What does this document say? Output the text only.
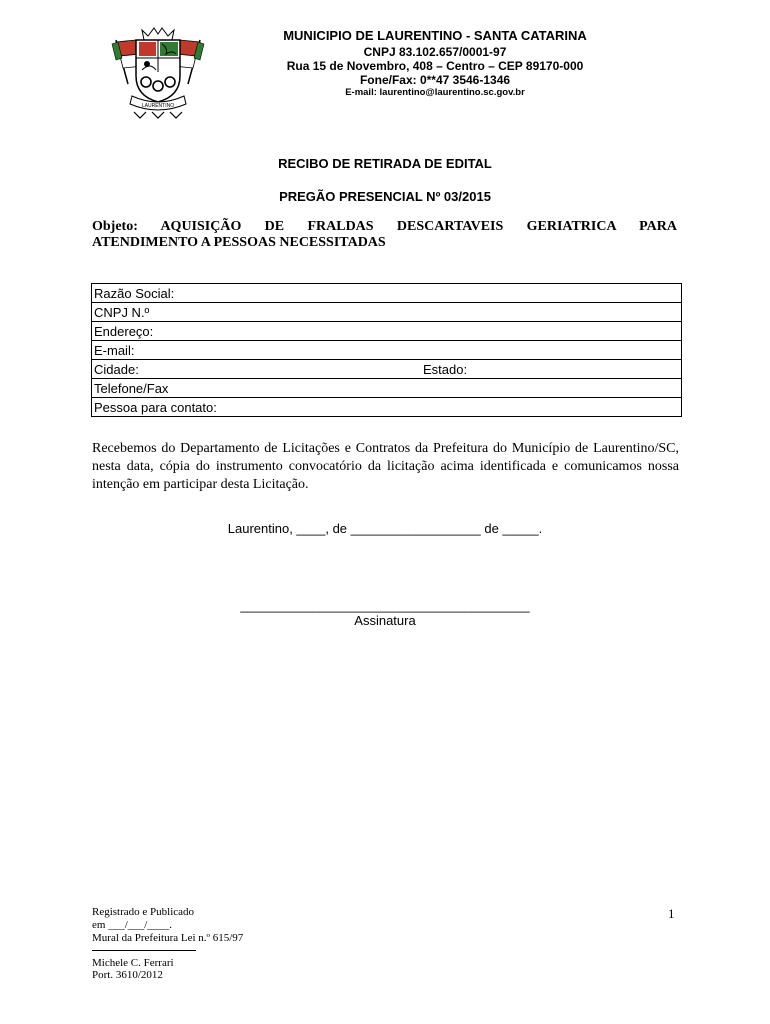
LAURENTINO
MUNICIPIO DE LAURENTINO - SANTA CATARINA
CNPJ 83.102.657/0001-97
Rua 15 de Novembro, 408 – Centro – CEP 89170-000
Fone/Fax: 0**47 3546-1346
E-mail: laurentino@laurentino.sc.gov.br
RECIBO DE RETIRADA DE EDITAL
PREGÃO PRESENCIAL Nº 03/2015
Objeto: AQUISIÇÃO DE FRALDAS DESCARTAVEIS GERIATRICA PARA
ATENDIMENTO A PESSOAS NECESSITADAS
Razão Social:
CNPJ N.º
Endereço:
E-mail:
Cidade:	Estado:
Telefone/Fax
Pessoa para contato:
Recebemos do Departamento de Licitações e Contratos da Prefeitura do Município de Laurentino/SC, nesta data, cópia do instrumento convocatório da licitação acima identificada e comunicamos nossa intenção em participar desta Licitação.
Laurentino, ____, de __________________ de _____.
________________________________________
Assinatura
Registrado e Publicado
em ___/___/____.
Mural da Prefeitura Lei n.º 615/97
Michele C. Ferrari
Port. 3610/2012
1
